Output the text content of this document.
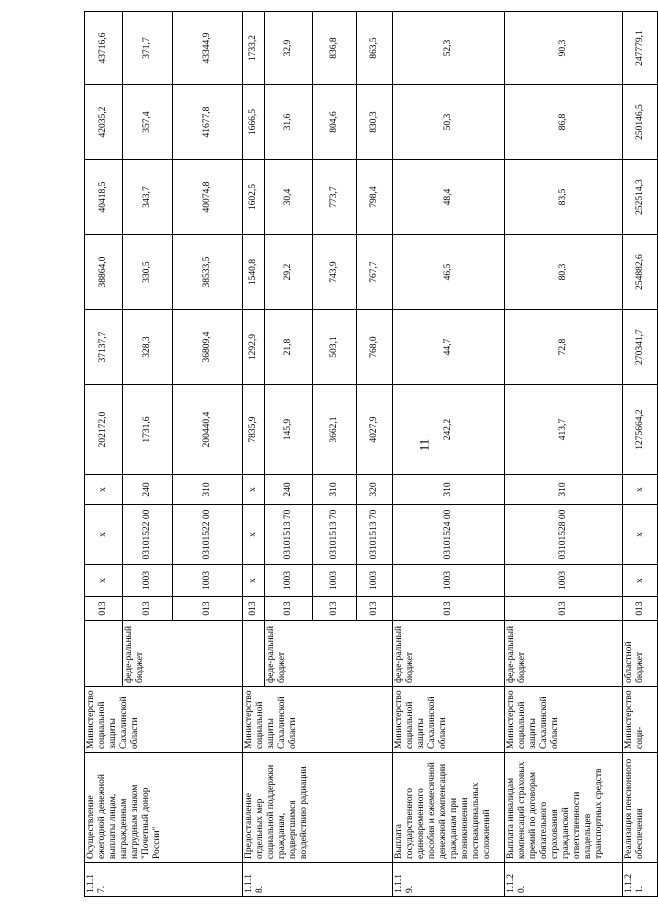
11
1.1.1 7.	Осуществление ежегодной денежной выплаты лицам, награжденным нагрудным знаком "Почетный донор России"	Министерство социальной защиты Сахалинской области		013	x	x	x	202172,0	37137,7	38864,0	40418,5	42035,2	43716,6
			феде-ральный бюджет	013	1003	03101522 00	240	1731,6	328,3	330,5	343,7	357,4	371,7
				013	1003	03101522 00	310	200440,4	36809,4	38533,5	40074,8	41677,8	43344,9
1.1.1 8.	Предоставление отдельных мер социальной поддержки гражданам, подвергшимся воздействию радиации	Министерство социальной защиты Сахалинской области		013	x	x	x	7835,9	1292,9	1540,8	1602,5	1666,5	1733,2
			феде-ральный бюджет	013	1003	03101513 70	240	145,9	21,8	29,2	30,4	31,6	32,9
				013	1003	03101513 70	310	3662,1	503,1	743,9	773,7	804,6	836,8
				013	1003	03101513 70	320	4027,9	768,0	767,7	798,4	830,3	863,5
1.1.1 9.	Выплата государственного единовременного пособия и ежемесячной денежной компенсации гражданам при возникновении поствакцинальных осложнений	Министерство социальной защиты Сахалинской области	феде-ральный бюджет	013	1003	03101524 00	310	242,2	44,7	46,5	48,4	50,3	52,3
1.1.2 0.	Выплата инвалидам компенсаций страховых премий по договорам обязательного страхования гражданской ответственности владельцев транспортных средств	Министерство социальной защиты Сахалинской области	феде-ральный бюджет	013	1003	03101528 00	310	413,7	72,8	80,3	83,5	86,8	90,3
1.1.2 1.	Реализация пенсионного обеспечения	Министерство соци-	областной бюджет	013	x	x	x	1275664,2	270341,7	254882,6	252514,3	250146,5	247779,1
